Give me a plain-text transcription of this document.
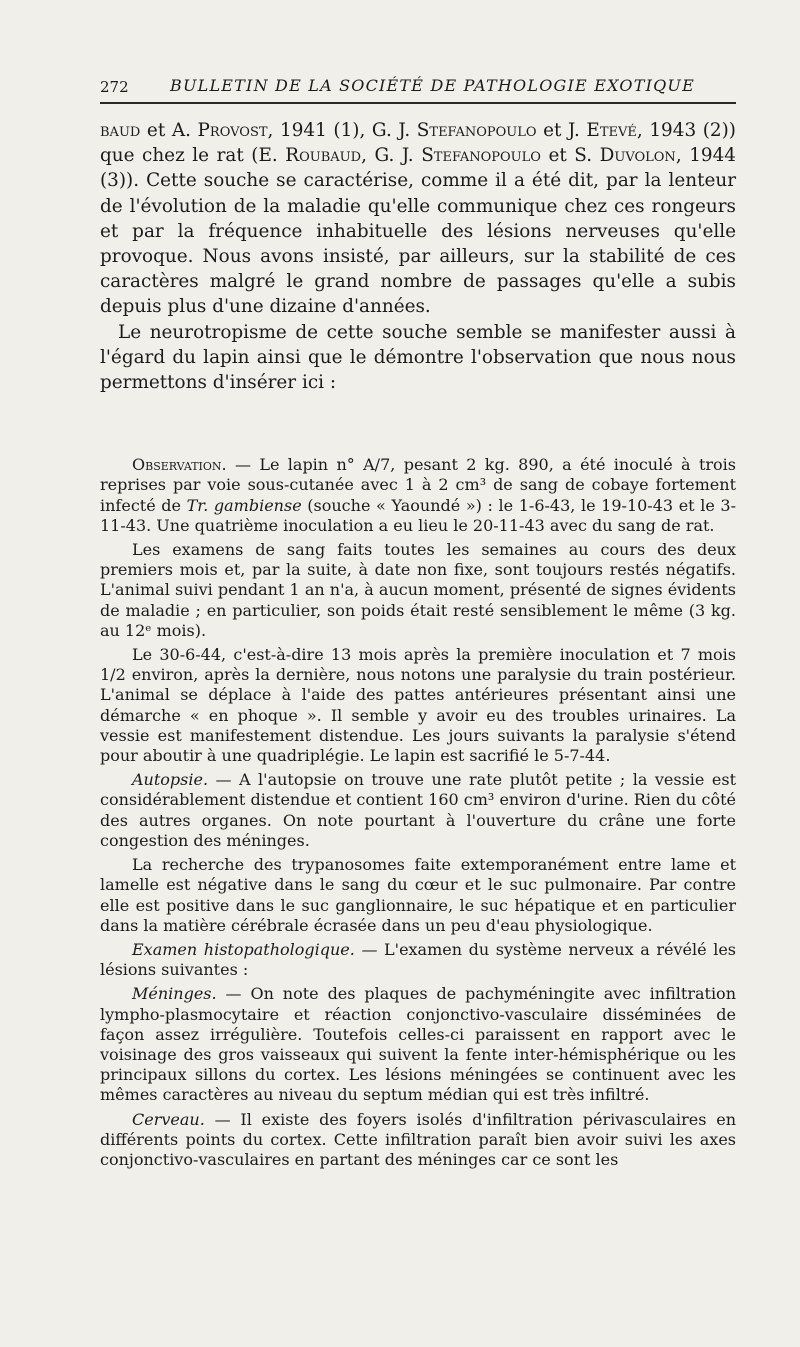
272	BULLETIN DE LA SOCIÉTÉ DE PATHOLOGIE EXOTIQUE

baud et A. Provost, 1941 (1), G. J. Stefanopoulo et J. Etevé, 1943 (2)) que chez le rat (E. Roubaud, G. J. Stefanopoulo et S. Duvolon, 1944 (3)). Cette souche se caractérise, comme il a été dit, par la lenteur de l'évolution de la maladie qu'elle communique chez ces rongeurs et par la fréquence inhabituelle des lésions nerveuses qu'elle provoque. Nous avons insisté, par ailleurs, sur la stabilité de ces caractères malgré le grand nombre de passages qu'elle a subis depuis plus d'une dizaine d'années.

Le neurotropisme de cette souche semble se manifester aussi à l'égard du lapin ainsi que le démontre l'observation que nous nous permettons d'insérer ici :

Observation. — Le lapin n° A/7, pesant 2 kg. 890, a été inoculé à trois reprises par voie sous-cutanée avec 1 à 2 cm³ de sang de cobaye fortement infecté de Tr. gambiense (souche « Yaoundé ») : le 1-6-43, le 19-10-43 et le 3-11-43. Une quatrième inoculation a eu lieu le 20-11-43 avec du sang de rat.

Les examens de sang faits toutes les semaines au cours des deux premiers mois et, par la suite, à date non fixe, sont toujours restés négatifs. L'animal suivi pendant 1 an n'a, à aucun moment, présenté de signes évidents de maladie ; en particulier, son poids était resté sensiblement le même (3 kg. au 12ᵉ mois).

Le 30-6-44, c'est-à-dire 13 mois après la première inoculation et 7 mois 1/2 environ, après la dernière, nous notons une paralysie du train postérieur. L'animal se déplace à l'aide des pattes antérieures présentant ainsi une démarche « en phoque ». Il semble y avoir eu des troubles urinaires. La vessie est manifestement distendue. Les jours suivants la paralysie s'étend pour aboutir à une quadriplégie. Le lapin est sacrifié le 5-7-44.

Autopsie. — A l'autopsie on trouve une rate plutôt petite ; la vessie est considérablement distendue et contient 160 cm³ environ d'urine. Rien du côté des autres organes. On note pourtant à l'ouverture du crâne une forte congestion des méninges.

La recherche des trypanosomes faite extemporanément entre lame et lamelle est négative dans le sang du cœur et le suc pulmonaire. Par contre elle est positive dans le suc ganglionnaire, le suc hépatique et en particulier dans la matière cérébrale écrasée dans un peu d'eau physiologique.

Examen histopathologique. — L'examen du système nerveux a révélé les lésions suivantes :

Méninges. — On note des plaques de pachyméningite avec infiltration lympho-plasmocytaire et réaction conjonctivo-vasculaire disséminées de façon assez irrégulière. Toutefois celles-ci paraissent en rapport avec le voisinage des gros vaisseaux qui suivent la fente inter-hémisphérique ou les principaux sillons du cortex. Les lésions méningées se continuent avec les mêmes caractères au niveau du septum médian qui est très infiltré.

Cerveau. — Il existe des foyers isolés d'infiltration périvasculaires en différents points du cortex. Cette infiltration paraît bien avoir suivi les axes conjonctivo-vasculaires en partant des méninges car ce sont les
